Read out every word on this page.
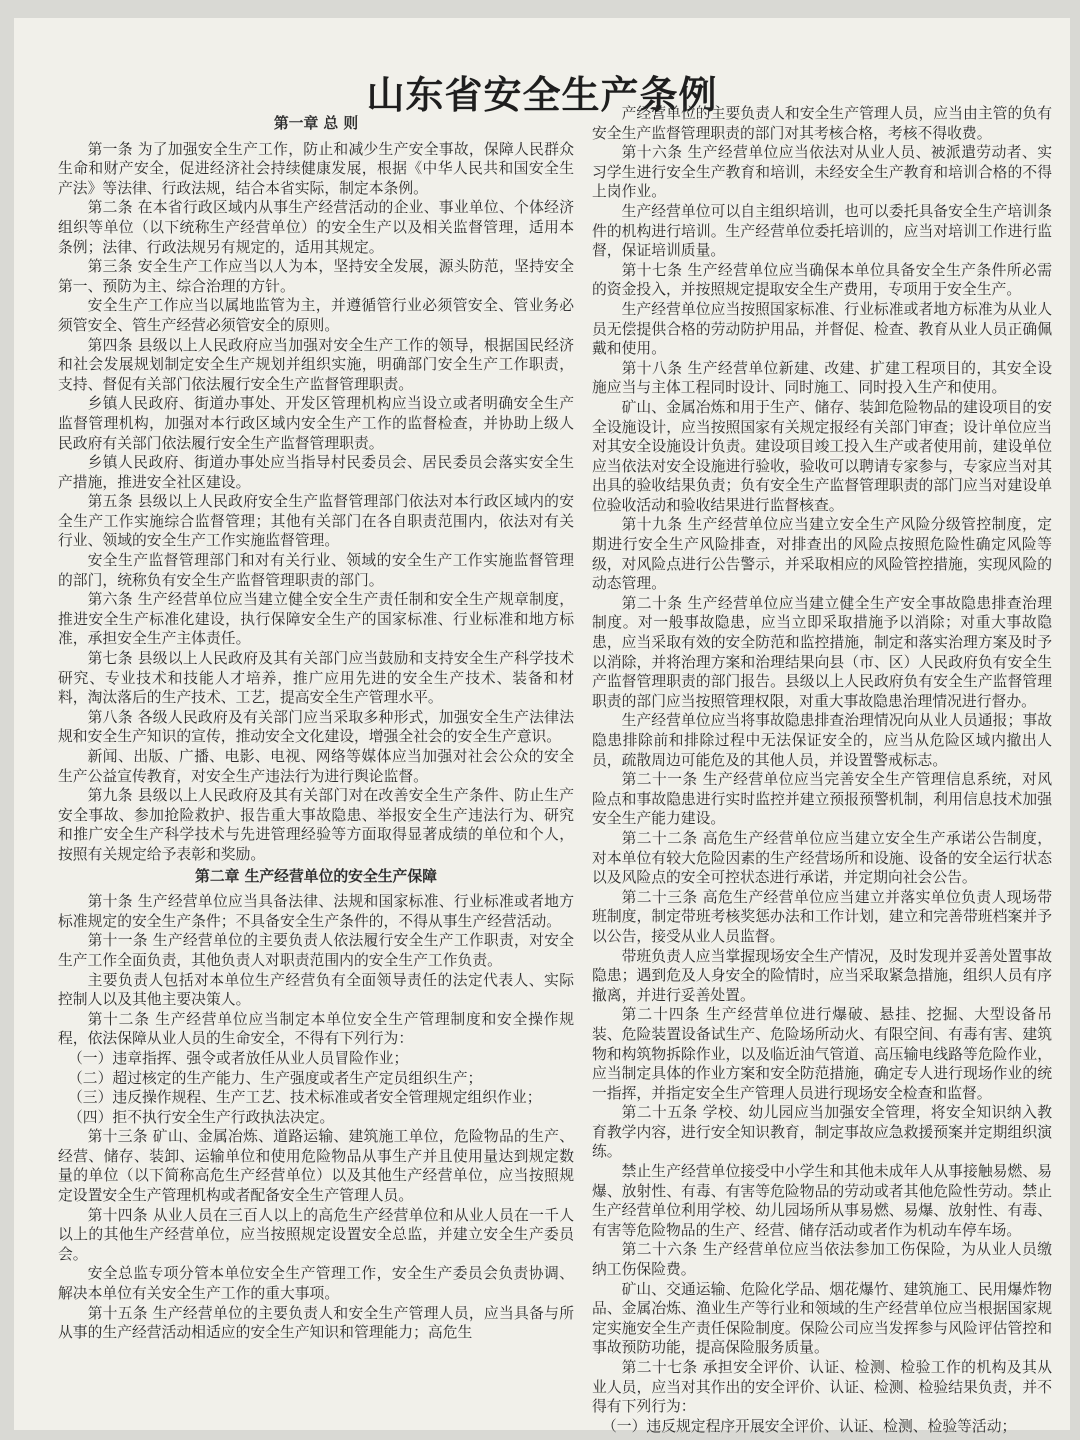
山东省安全生产条例

第一章 总 则

第一条 为了加强安全生产工作，防止和减少生产安全事故，保障人民群众生命和财产安全，促进经济社会持续健康发展，根据《中华人民共和国安全生产法》等法律、行政法规，结合本省实际，制定本条例。

第二条 在本省行政区域内从事生产经营活动的企业、事业单位、个体经济组织等单位（以下统称生产经营单位）的安全生产以及相关监督管理，适用本条例；法律、行政法规另有规定的，适用其规定。

第三条 安全生产工作应当以人为本，坚持安全发展，源头防范，坚持安全第一、预防为主、综合治理的方针。

安全生产工作应当以属地监管为主，并遵循管行业必须管安全、管业务必须管安全、管生产经营必须管安全的原则。

第四条 县级以上人民政府应当加强对安全生产工作的领导，根据国民经济和社会发展规划制定安全生产规划并组织实施，明确部门安全生产工作职责，支持、督促有关部门依法履行安全生产监督管理职责。

乡镇人民政府、街道办事处、开发区管理机构应当设立或者明确安全生产监督管理机构，加强对本行政区域内安全生产工作的监督检查，并协助上级人民政府有关部门依法履行安全生产监督管理职责。

乡镇人民政府、街道办事处应当指导村民委员会、居民委员会落实安全生产措施，推进安全社区建设。

第五条 县级以上人民政府安全生产监督管理部门依法对本行政区域内的安全生产工作实施综合监督管理；其他有关部门在各自职责范围内，依法对有关行业、领域的安全生产工作实施监督管理。

安全生产监督管理部门和对有关行业、领域的安全生产工作实施监督管理的部门，统称负有安全生产监督管理职责的部门。

第六条 生产经营单位应当建立健全安全生产责任制和安全生产规章制度，推进安全生产标准化建设，执行保障安全生产的国家标准、行业标准和地方标准，承担安全生产主体责任。

第七条 县级以上人民政府及其有关部门应当鼓励和支持安全生产科学技术研究、专业技术和技能人才培养，推广应用先进的安全生产技术、装备和材料，淘汰落后的生产技术、工艺，提高安全生产管理水平。

第八条 各级人民政府及有关部门应当采取多种形式，加强安全生产法律法规和安全生产知识的宣传，推动安全文化建设，增强全社会的安全生产意识。

新闻、出版、广播、电影、电视、网络等媒体应当加强对社会公众的安全生产公益宣传教育，对安全生产违法行为进行舆论监督。

第九条 县级以上人民政府及其有关部门对在改善安全生产条件、防止生产安全事故、参加抢险救护、报告重大事故隐患、举报安全生产违法行为、研究和推广安全生产科学技术与先进管理经验等方面取得显著成绩的单位和个人，按照有关规定给予表彰和奖励。

第二章 生产经营单位的安全生产保障

第十条 生产经营单位应当具备法律、法规和国家标准、行业标准或者地方标准规定的安全生产条件；不具备安全生产条件的，不得从事生产经营活动。

第十一条 生产经营单位的主要负责人依法履行安全生产工作职责，对安全生产工作全面负责，其他负责人对职责范围内的安全生产工作负责。

主要负责人包括对本单位生产经营负有全面领导责任的法定代表人、实际控制人以及其他主要决策人。

第十二条 生产经营单位应当制定本单位安全生产管理制度和安全操作规程，依法保障从业人员的生命安全，不得有下列行为：

（一）违章指挥、强令或者放任从业人员冒险作业；

（二）超过核定的生产能力、生产强度或者生产定员组织生产；

（三）违反操作规程、生产工艺、技术标准或者安全管理规定组织作业；

（四）拒不执行安全生产行政执法决定。

第十三条 矿山、金属冶炼、道路运输、建筑施工单位，危险物品的生产、经营、储存、装卸、运输单位和使用危险物品从事生产并且使用量达到规定数量的单位（以下简称高危生产经营单位）以及其他生产经营单位，应当按照规定设置安全生产管理机构或者配备安全生产管理人员。

第十四条 从业人员在三百人以上的高危生产经营单位和从业人员在一千人以上的其他生产经营单位，应当按照规定设置安全总监，并建立安全生产委员会。

安全总监专项分管本单位安全生产管理工作，安全生产委员会负责协调、解决本单位有关安全生产工作的重大事项。

第十五条 生产经营单位的主要负责人和安全生产管理人员，应当具备与所从事的生产经营活动相适应的安全生产知识和管理能力；高危生

产经营单位的主要负责人和安全生产管理人员，应当由主管的负有安全生产监督管理职责的部门对其考核合格，考核不得收费。

第十六条 生产经营单位应当依法对从业人员、被派遣劳动者、实习学生进行安全生产教育和培训，未经安全生产教育和培训合格的不得上岗作业。

生产经营单位可以自主组织培训，也可以委托具备安全生产培训条件的机构进行培训。生产经营单位委托培训的，应当对培训工作进行监督，保证培训质量。

第十七条 生产经营单位应当确保本单位具备安全生产条件所必需的资金投入，并按照规定提取安全生产费用，专项用于安全生产。

生产经营单位应当按照国家标准、行业标准或者地方标准为从业人员无偿提供合格的劳动防护用品，并督促、检查、教育从业人员正确佩戴和使用。

第十八条 生产经营单位新建、改建、扩建工程项目的，其安全设施应当与主体工程同时设计、同时施工、同时投入生产和使用。

矿山、金属冶炼和用于生产、储存、装卸危险物品的建设项目的安全设施设计，应当按照国家有关规定报经有关部门审查；设计单位应当对其安全设施设计负责。建设项目竣工投入生产或者使用前，建设单位应当依法对安全设施进行验收，验收可以聘请专家参与，专家应当对其出具的验收结果负责；负有安全生产监督管理职责的部门应当对建设单位验收活动和验收结果进行监督核查。

第十九条 生产经营单位应当建立安全生产风险分级管控制度，定期进行安全生产风险排查，对排查出的风险点按照危险性确定风险等级，对风险点进行公告警示，并采取相应的风险管控措施，实现风险的动态管理。

第二十条 生产经营单位应当建立健全生产安全事故隐患排查治理制度。对一般事故隐患，应当立即采取措施予以消除；对重大事故隐患，应当采取有效的安全防范和监控措施，制定和落实治理方案及时予以消除，并将治理方案和治理结果向县（市、区）人民政府负有安全生产监督管理职责的部门报告。县级以上人民政府负有安全生产监督管理职责的部门应当按照管理权限，对重大事故隐患治理情况进行督办。

生产经营单位应当将事故隐患排查治理情况向从业人员通报；事故隐患排除前和排除过程中无法保证安全的，应当从危险区域内撤出人员，疏散周边可能危及的其他人员，并设置警戒标志。

第二十一条 生产经营单位应当完善安全生产管理信息系统，对风险点和事故隐患进行实时监控并建立预报预警机制，利用信息技术加强安全生产能力建设。

第二十二条 高危生产经营单位应当建立安全生产承诺公告制度，对本单位有较大危险因素的生产经营场所和设施、设备的安全运行状态以及风险点的安全可控状态进行承诺，并定期向社会公告。

第二十三条 高危生产经营单位应当建立并落实单位负责人现场带班制度，制定带班考核奖惩办法和工作计划，建立和完善带班档案并予以公告，接受从业人员监督。

带班负责人应当掌握现场安全生产情况，及时发现并妥善处置事故隐患；遇到危及人身安全的险情时，应当采取紧急措施，组织人员有序撤离，并进行妥善处置。

第二十四条 生产经营单位进行爆破、悬挂、挖掘、大型设备吊装、危险装置设备试生产、危险场所动火、有限空间、有毒有害、建筑物和构筑物拆除作业，以及临近油气管道、高压输电线路等危险作业，应当制定具体的作业方案和安全防范措施，确定专人进行现场作业的统一指挥，并指定安全生产管理人员进行现场安全检查和监督。

第二十五条 学校、幼儿园应当加强安全管理，将安全知识纳入教育教学内容，进行安全知识教育，制定事故应急救援预案并定期组织演练。

禁止生产经营单位接受中小学生和其他未成年人从事接触易燃、易爆、放射性、有毒、有害等危险物品的劳动或者其他危险性劳动。禁止生产经营单位利用学校、幼儿园场所从事易燃、易爆、放射性、有毒、有害等危险物品的生产、经营、储存活动或者作为机动车停车场。

第二十六条 生产经营单位应当依法参加工伤保险，为从业人员缴纳工伤保险费。

矿山、交通运输、危险化学品、烟花爆竹、建筑施工、民用爆炸物品、金属冶炼、渔业生产等行业和领域的生产经营单位应当根据国家规定实施安全生产责任保险制度。保险公司应当发挥参与风险评估管控和事故预防功能，提高保险服务质量。

第二十七条 承担安全评价、认证、检测、检验工作的机构及其从业人员，应当对其作出的安全评价、认证、检测、检验结果负责，并不得有下列行为：

（一）违反规定程序开展安全评价、认证、检测、检验等活动；
